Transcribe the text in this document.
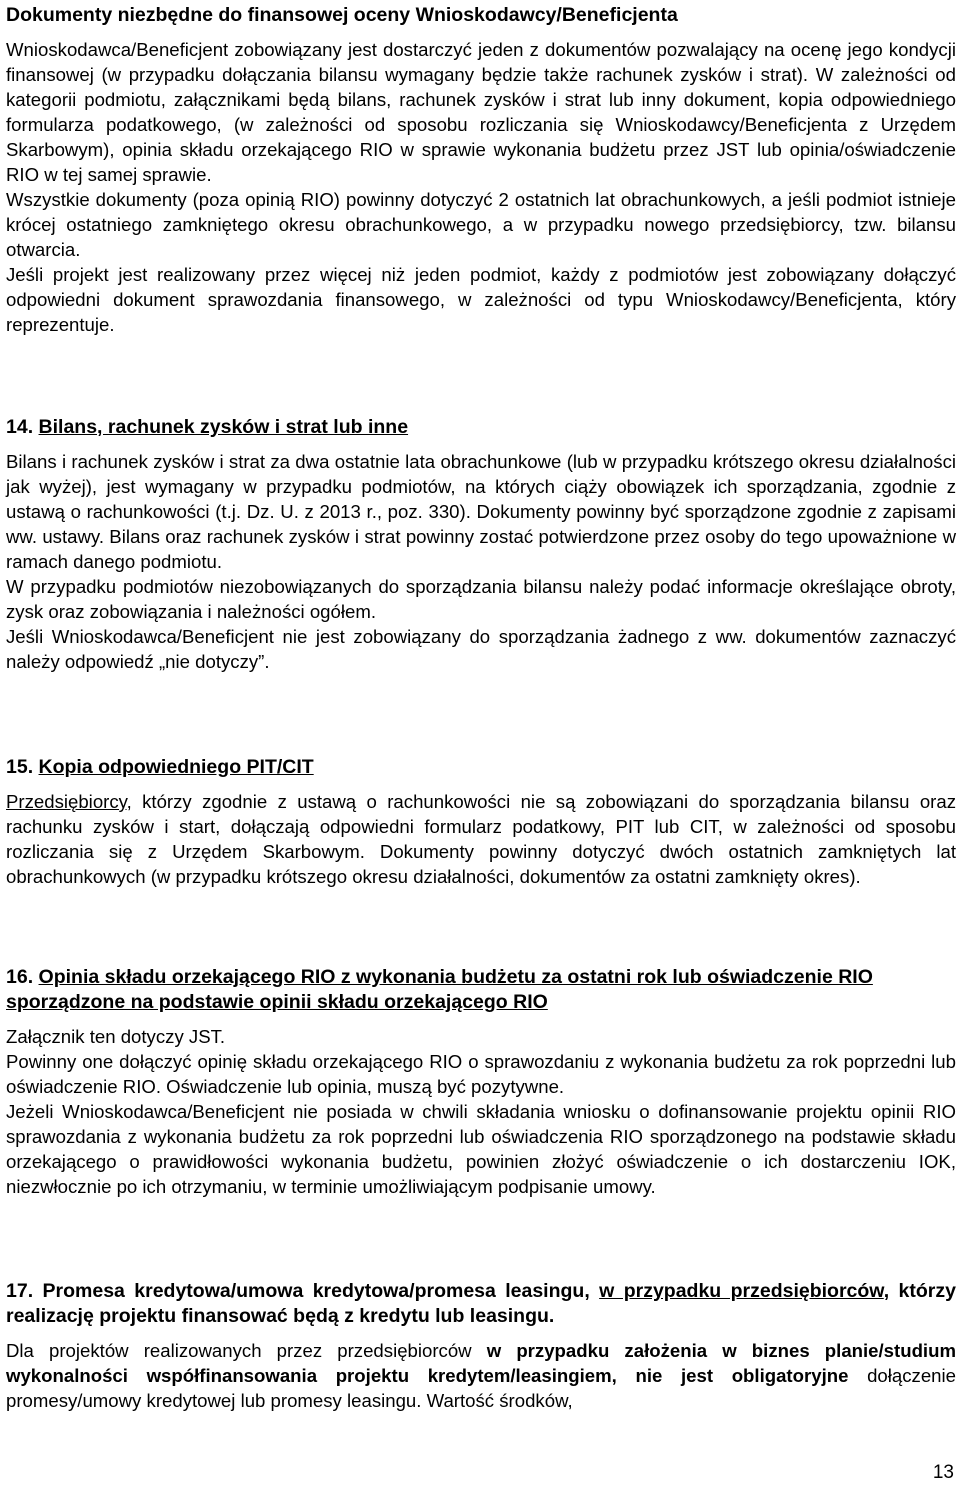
Dokumenty niezbędne do finansowej oceny Wnioskodawcy/Beneficjenta

Wnioskodawca/Beneficjent zobowiązany jest dostarczyć jeden z dokumentów pozwalający na ocenę jego kondycji finansowej (w przypadku dołączania bilansu wymagany będzie także rachunek zysków i strat). W zależności od kategorii podmiotu, załącznikami będą bilans, rachunek zysków i strat lub inny dokument, kopia odpowiedniego formularza podatkowego, (w zależności od sposobu rozliczania się Wnioskodawcy/Beneficjenta z Urzędem Skarbowym), opinia składu orzekającego RIO w sprawie wykonania budżetu przez JST lub opinia/oświadczenie RIO w tej samej sprawie.

Wszystkie dokumenty (poza opinią RIO) powinny dotyczyć 2 ostatnich lat obrachunkowych, a jeśli podmiot istnieje krócej ostatniego zamkniętego okresu obrachunkowego, a w przypadku nowego przedsiębiorcy, tzw. bilansu otwarcia.

Jeśli projekt jest realizowany przez więcej niż jeden podmiot, każdy z podmiotów jest zobowiązany dołączyć odpowiedni dokument sprawozdania finansowego, w zależności od typu Wnioskodawcy/Beneficjenta, który reprezentuje.

14. Bilans, rachunek zysków i strat lub inne

Bilans i rachunek zysków i strat za dwa ostatnie lata obrachunkowe (lub w przypadku krótszego okresu działalności jak wyżej), jest wymagany w przypadku podmiotów, na których ciąży obowiązek ich sporządzania, zgodnie z ustawą o rachunkowości (t.j. Dz. U. z 2013 r., poz. 330). Dokumenty powinny być sporządzone zgodnie z zapisami ww. ustawy. Bilans oraz rachunek zysków i strat powinny zostać potwierdzone przez osoby do tego upoważnione w ramach danego podmiotu.

W przypadku podmiotów niezobowiązanych do sporządzania bilansu należy podać informacje określające obroty, zysk oraz zobowiązania i należności ogółem.

Jeśli Wnioskodawca/Beneficjent nie jest zobowiązany do sporządzania żadnego z ww. dokumentów zaznaczyć należy odpowiedź „nie dotyczy”.

15. Kopia odpowiedniego PIT/CIT

Przedsiębiorcy, którzy zgodnie z ustawą o rachunkowości nie są zobowiązani do sporządzania bilansu oraz rachunku zysków i start, dołączają odpowiedni formularz podatkowy, PIT lub CIT, w zależności od sposobu rozliczania się z Urzędem Skarbowym. Dokumenty powinny dotyczyć dwóch ostatnich zamkniętych lat obrachunkowych (w przypadku krótszego okresu działalności, dokumentów za ostatni zamknięty okres).

16. Opinia składu orzekającego RIO z wykonania budżetu za ostatni rok lub oświadczenie RIO sporządzone na podstawie opinii składu orzekającego RIO

Załącznik ten dotyczy JST.

Powinny one dołączyć opinię składu orzekającego RIO o sprawozdaniu z wykonania budżetu za rok poprzedni lub oświadczenie RIO. Oświadczenie lub opinia, muszą być pozytywne.

Jeżeli Wnioskodawca/Beneficjent nie posiada w chwili składania wniosku o dofinansowanie projektu opinii RIO sprawozdania z wykonania budżetu za rok poprzedni lub oświadczenia RIO sporządzonego na podstawie składu orzekającego o prawidłowości wykonania budżetu, powinien złożyć oświadczenie o ich dostarczeniu IOK, niezwłocznie po ich otrzymaniu, w terminie umożliwiającym podpisanie umowy.

17. Promesa kredytowa/umowa kredytowa/promesa leasingu, w przypadku przedsiębiorców, którzy realizację projektu finansować będą z kredytu lub leasingu.

Dla projektów realizowanych przez przedsiębiorców w przypadku założenia w biznes planie/studium wykonalności współfinansowania projektu kredytem/leasingiem, nie jest obligatoryjne dołączenie promesy/umowy kredytowej lub promesy leasingu. Wartość środków,

13
